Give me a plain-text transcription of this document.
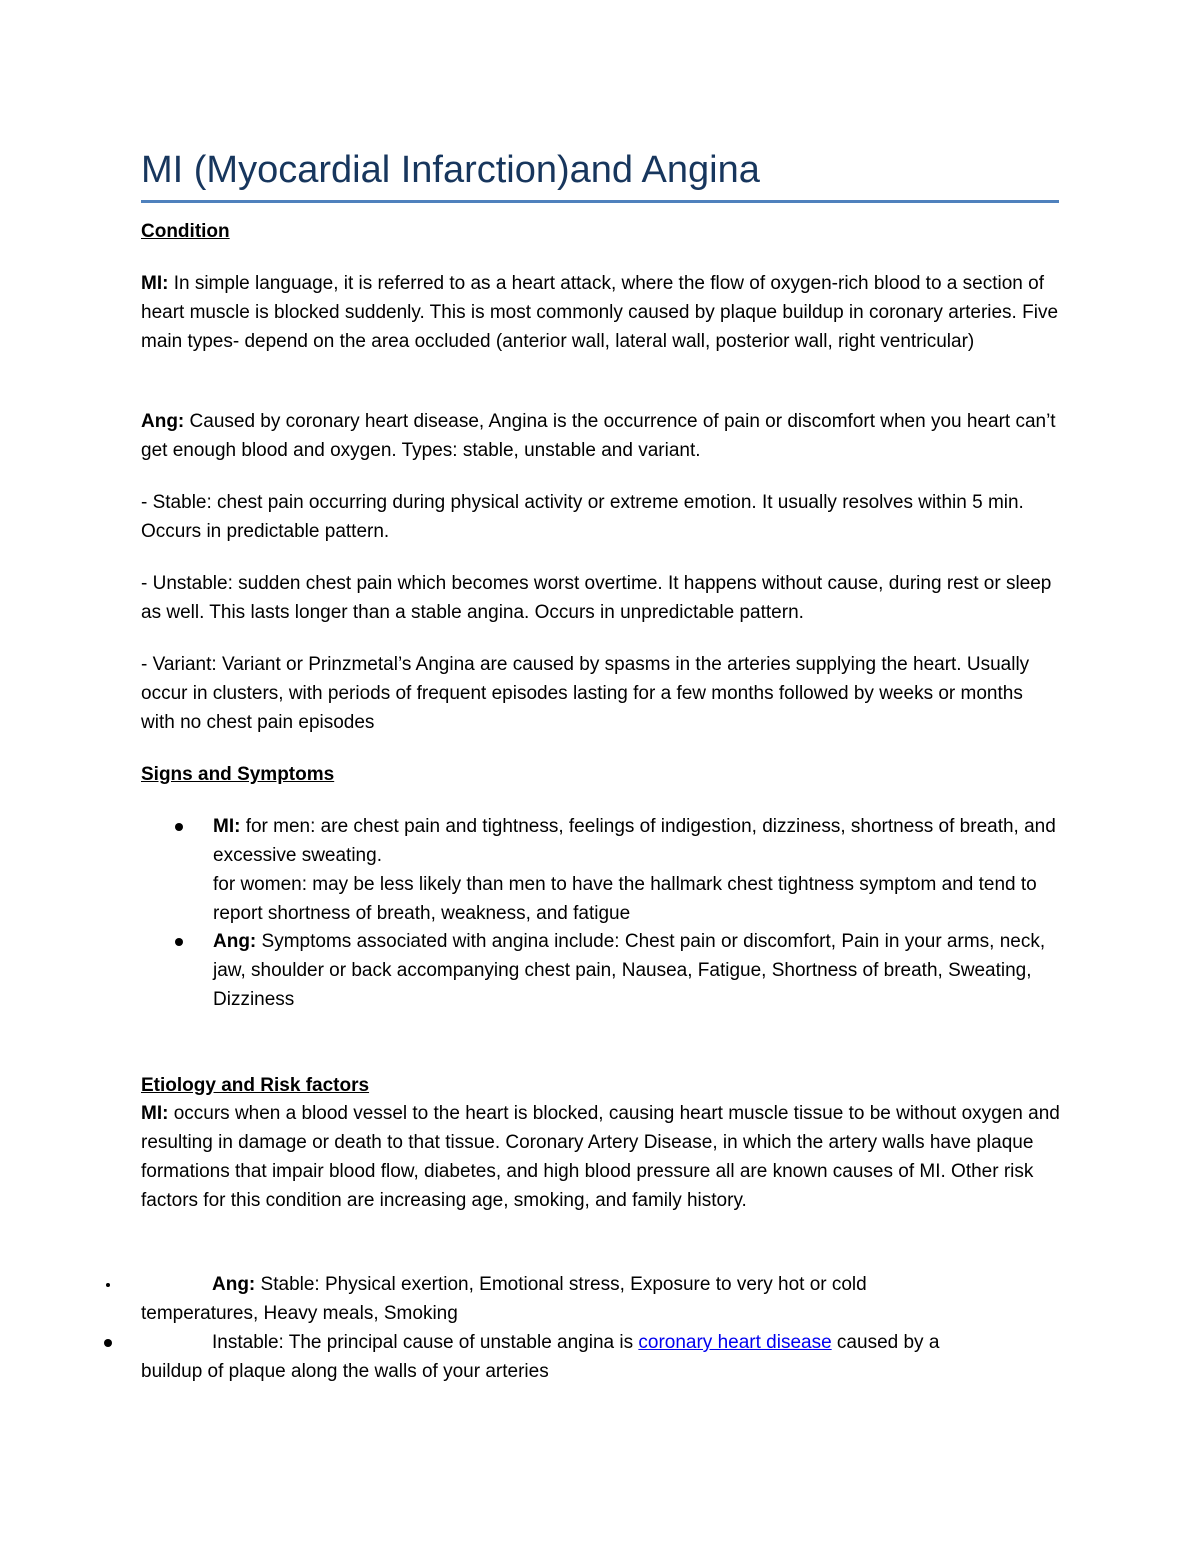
MI (Myocardial Infarction)and Angina

Condition

MI: In simple language, it is referred to as a heart attack, where the flow of oxygen-rich blood to a section of heart muscle is blocked suddenly. This is most commonly caused by plaque buildup in coronary arteries. Five main types- depend on the area occluded (anterior wall, lateral wall, posterior wall, right ventricular)

Ang: Caused by coronary heart disease, Angina is the occurrence of pain or discomfort when you heart can’t get enough blood and oxygen. Types: stable, unstable and variant.

- Stable: chest pain occurring during physical activity or extreme emotion. It usually resolves within 5 min. Occurs in predictable pattern.

- Unstable: sudden chest pain which becomes worst overtime. It happens without cause, during rest or sleep as well. This lasts longer than a stable angina. Occurs in unpredictable pattern.

- Variant: Variant or Prinzmetal’s Angina are caused by spasms in the arteries supplying the heart. Usually occur in clusters, with periods of frequent episodes lasting for a few months followed by weeks or months with no chest pain episodes

Signs and Symptoms

MI: for men: are chest pain and tightness, feelings of indigestion, dizziness, shortness of breath, and excessive sweating.
for women: may be less likely than men to have the hallmark chest tightness symptom and tend to report shortness of breath, weakness, and fatigue
Ang: Symptoms associated with angina include: Chest pain or discomfort, Pain in your arms, neck, jaw, shoulder or back accompanying chest pain, Nausea, Fatigue, Shortness of breath, Sweating, Dizziness

Etiology and Risk factors

MI: occurs when a blood vessel to the heart is blocked, causing heart muscle tissue to be without oxygen and resulting in damage or death to that tissue. Coronary Artery Disease, in which the artery walls have plaque formations that impair blood flow, diabetes, and high blood pressure all are known causes of MI. Other risk factors for this condition are increasing age, smoking, and family history.

Ang: Stable: Physical exertion, Emotional stress, Exposure to very hot or cold
temperatures, Heavy meals, Smoking
Instable: The principal cause of unstable angina is coronary heart disease caused by a
buildup of plaque along the walls of your arteries
